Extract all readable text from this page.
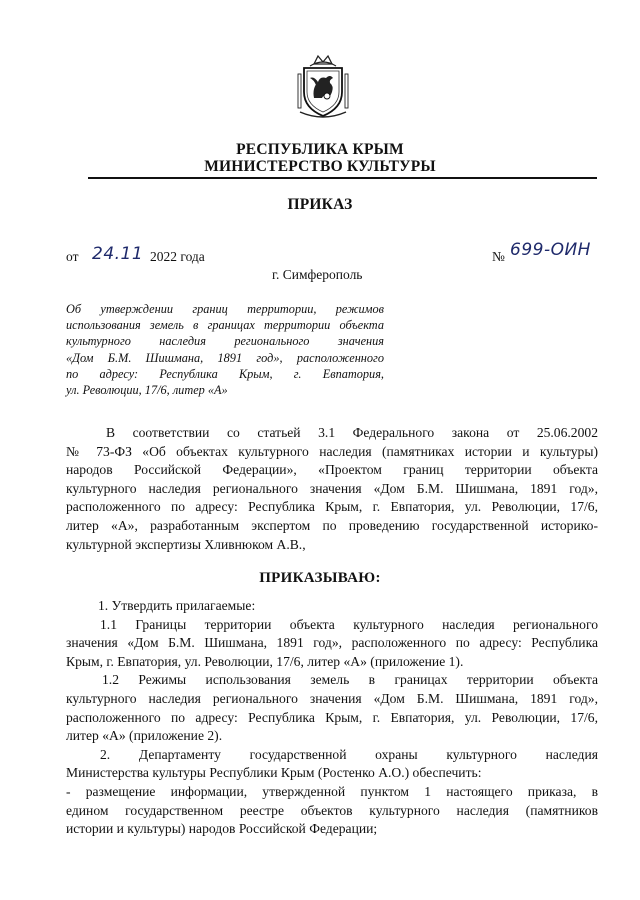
РЕСПУБЛИКА КРЫМ
МИНИСТЕРСТВО КУЛЬТУРЫ
ПРИКАЗ
от 24.11 2022 года	№ 699-ОИН
г. Симферополь
Об утверждении границ территории, режимов
использования земель в границах территории объекта
культурного наследия регионального значения
«Дом Б.М. Шишмана, 1891 год», расположенного
по адресу: Республика Крым, г. Евпатория,
ул. Революции, 17/6, литер «А»
В соответствии со статьей 3.1 Федерального закона от 25.06.2002
№ 73-ФЗ «Об объектах культурного наследия (памятниках истории и культуры)
народов Российской Федерации», «Проектом границ территории объекта
культурного наследия регионального значения «Дом Б.М. Шишмана, 1891 год»,
расположенного по адресу: Республика Крым, г. Евпатория, ул. Революции, 17/6,
литер «А», разработанным экспертом по проведению государственной историко-
культурной экспертизы Хливнюком А.В.,
ПРИКАЗЫВАЮ:
1. Утвердить прилагаемые:
1.1 Границы территории объекта культурного наследия регионального
значения «Дом Б.М. Шишмана, 1891 год», расположенного по адресу: Республика
Крым, г. Евпатория, ул. Революции, 17/6, литер «А» (приложение 1).
1.2 Режимы использования земель в границах территории объекта
культурного наследия регионального значения «Дом Б.М. Шишмана, 1891 год»,
расположенного по адресу: Республика Крым, г. Евпатория, ул. Революции, 17/6,
литер «А» (приложение 2).
2. Департаменту государственной охраны культурного наследия
Министерства культуры Республики Крым (Ростенко А.О.) обеспечить:
- размещение информации, утвержденной пунктом 1 настоящего приказа, в
едином государственном реестре объектов культурного наследия (памятников
истории и культуры) народов Российской Федерации;
